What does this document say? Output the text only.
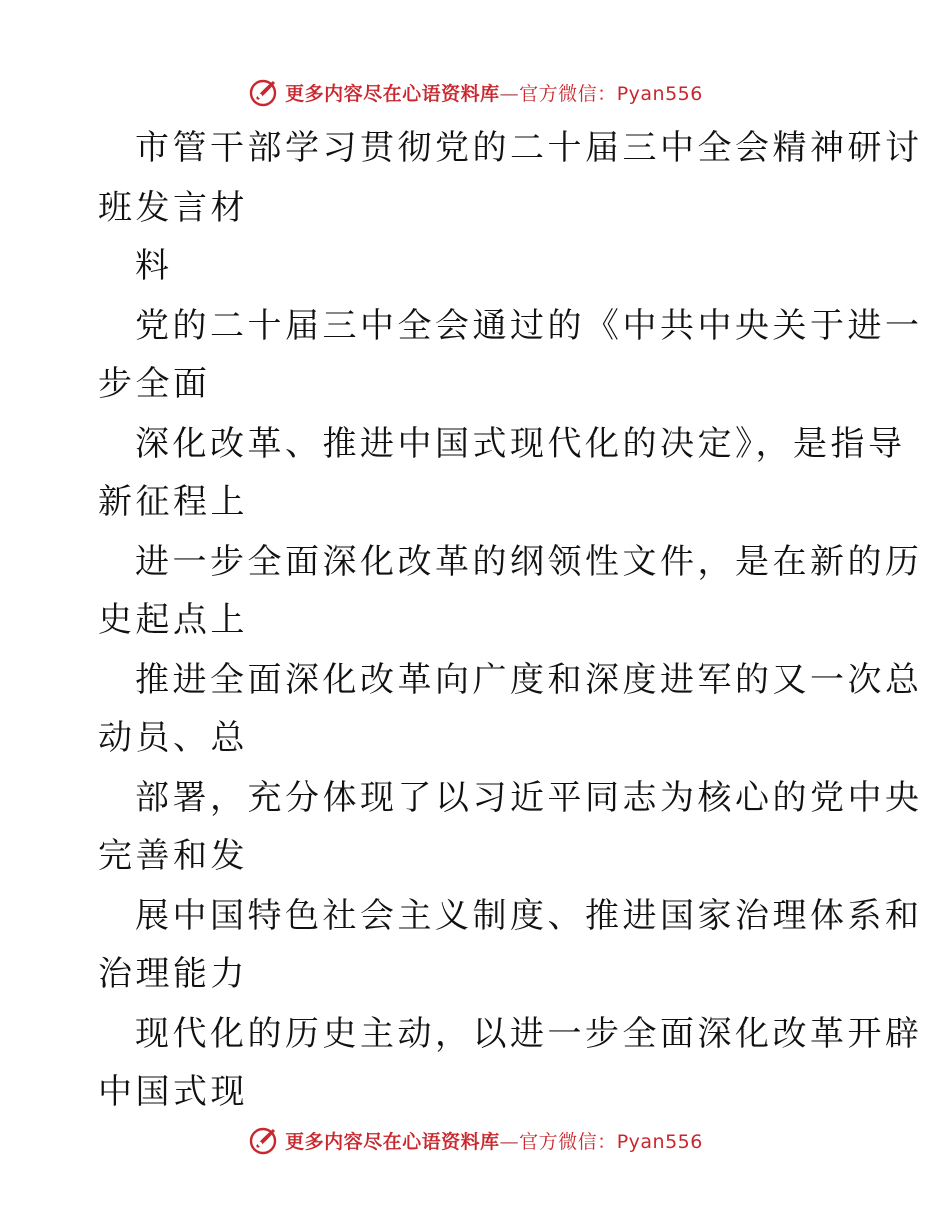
更多内容尽在心语资料库—官方微信：Pyan556
市管干部学习贯彻党的二十届三中全会精神研讨
班发言材
料
党的二十届三中全会通过的《中共中央关于进一
步全面
深化改革、推进中国式现代化的决定》，是指导
新征程上
进一步全面深化改革的纲领性文件，是在新的历
史起点上
推进全面深化改革向广度和深度进军的又一次总
动员、总
部署，充分体现了以习近平同志为核心的党中央
完善和发
展中国特色社会主义制度、推进国家治理体系和
治理能力
现代化的历史主动，以进一步全面深化改革开辟
中国式现
更多内容尽在心语资料库—官方微信：Pyan556
